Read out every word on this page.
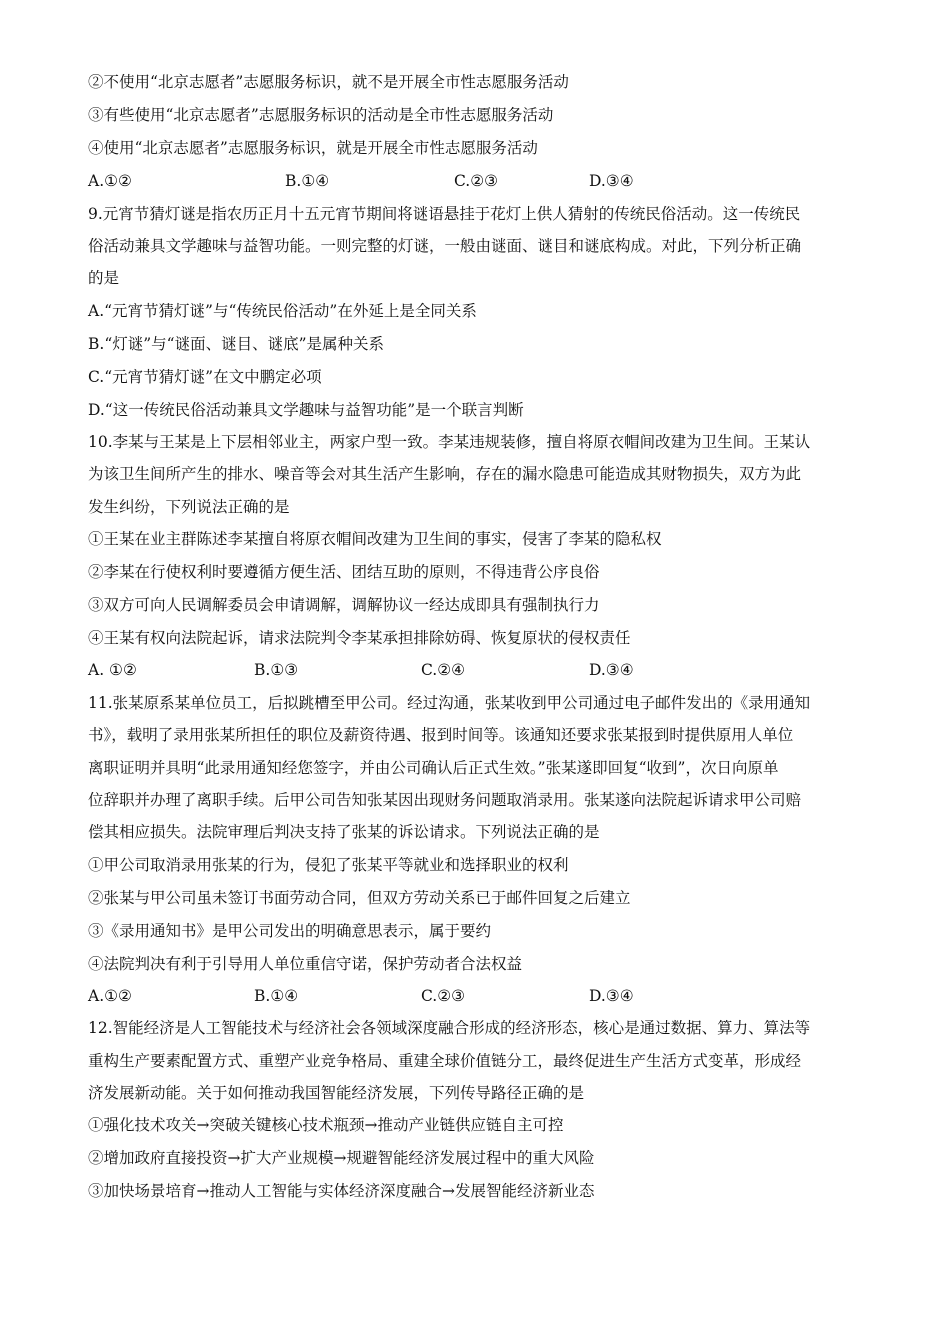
②不使用“北京志愿者”志愿服务标识，就不是开展全市性志愿服务活动
③有些使用“北京志愿者”志愿服务标识的活动是全市性志愿服务活动
④使用“北京志愿者”志愿服务标识，就是开展全市性志愿服务活动
A.①②	B.①④	C.②③	D.③④
9.元宵节猜灯谜是指农历正月十五元宵节期间将谜语悬挂于花灯上供人猜射的传统民俗活动。这一传统民
俗活动兼具文学趣味与益智功能。一则完整的灯谜，一般由谜面、谜目和谜底构成。对此，下列分析正确
的是
A.“元宵节猜灯谜”与“传统民俗活动”在外延上是全同关系
B.“灯谜”与“谜面、谜目、谜底”是属种关系
C.“元宵节猜灯谜”在文中鹏定必项
D.“这一传统民俗活动兼具文学趣味与益智功能”是一个联言判断
10.李某与王某是上下层相邻业主，两家户型一致。李某违规装修，擅自将原衣帽间改建为卫生间。王某认
为该卫生间所产生的排水、噪音等会对其生活产生影响，存在的漏水隐患可能造成其财物损失，双方为此
发生纠纷，下列说法正确的是
①王某在业主群陈述李某擅自将原衣帽间改建为卫生间的事实，侵害了李某的隐私权
②李某在行使权利时要遵循方便生活、团结互助的原则，不得违背公序良俗
③双方可向人民调解委员会申请调解，调解协议一经达成即具有强制执行力
④王某有权向法院起诉，请求法院判令李某承担排除妨碍、恢复原状的侵权责任
A. ①②	B.①③	C.②④	D.③④
11.张某原系某单位员工，后拟跳槽至甲公司。经过沟通，张某收到甲公司通过电子邮件发出的《录用通知
书》，载明了录用张某所担任的职位及薪资待遇、报到时间等。该通知还要求张某报到时提供原用人单位
离职证明并具明“此录用通知经您签字，并由公司确认后正式生效。”张某遂即回复“收到”，次日向原单
位辞职并办理了离职手续。后甲公司告知张某因出现财务问题取消录用。张某遂向法院起诉请求甲公司赔
偿其相应损失。法院审理后判决支持了张某的诉讼请求。下列说法正确的是
①甲公司取消录用张某的行为，侵犯了张某平等就业和选择职业的权利
②张某与甲公司虽未签订书面劳动合同，但双方劳动关系已于邮件回复之后建立
③《录用通知书》是甲公司发出的明确意思表示，属于要约
④法院判决有利于引导用人单位重信守诺，保护劳动者合法权益
A.①②	B.①④	C.②③	D.③④
12.智能经济是人工智能技术与经济社会各领域深度融合形成的经济形态，核心是通过数据、算力、算法等
重构生产要素配置方式、重塑产业竞争格局、重建全球价值链分工，最终促进生产生活方式变革，形成经
济发展新动能。关于如何推动我国智能经济发展，下列传导路径正确的是
①强化技术攻关→突破关键核心技术瓶颈→推动产业链供应链自主可控
②增加政府直接投资→扩大产业规模→规避智能经济发展过程中的重大风险
③加快场景培育→推动人工智能与实体经济深度融合→发展智能经济新业态
